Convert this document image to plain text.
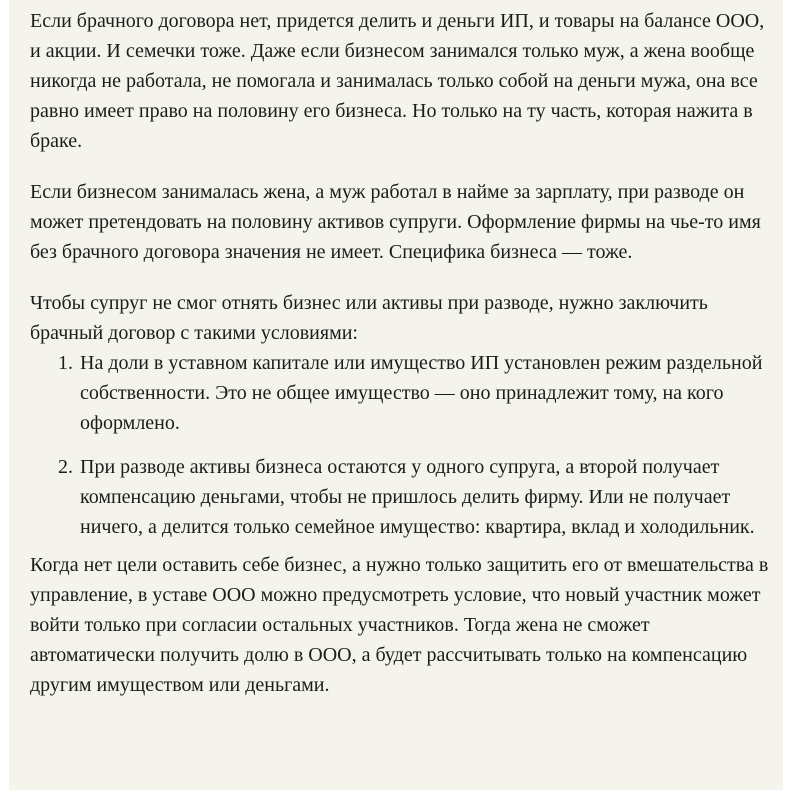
Если брачного договора нет, придется делить и деньги ИП, и товары на балансе ООО, и акции. И семечки тоже. Даже если бизнесом занимался только муж, а жена вообще никогда не работала, не помогала и занималась только собой на деньги мужа, она все равно имеет право на половину его бизнеса. Но только на ту часть, которая нажита в браке.

Если бизнесом занималась жена, а муж работал в найме за зарплату, при разводе он может претендовать на половину активов супруги. Оформление фирмы на чье-то имя без брачного договора значения не имеет. Специфика бизнеса — тоже.

Чтобы супруг не смог отнять бизнес или активы при разводе, нужно заключить брачный договор с такими условиями:

1. На доли в уставном капитале или имущество ИП установлен режим раздельной собственности. Это не общее имущество — оно принадлежит тому, на кого оформлено.
2. При разводе активы бизнеса остаются у одного супруга, а второй получает компенсацию деньгами, чтобы не пришлось делить фирму. Или не получает ничего, а делится только семейное имущество: квартира, вклад и холодильник.

Когда нет цели оставить себе бизнес, а нужно только защитить его от вмешательства в управление, в уставе ООО можно предусмотреть условие, что новый участник может войти только при согласии остальных участников. Тогда жена не сможет автоматически получить долю в ООО, а будет рассчитывать только на компенсацию другим имуществом или деньгами.
